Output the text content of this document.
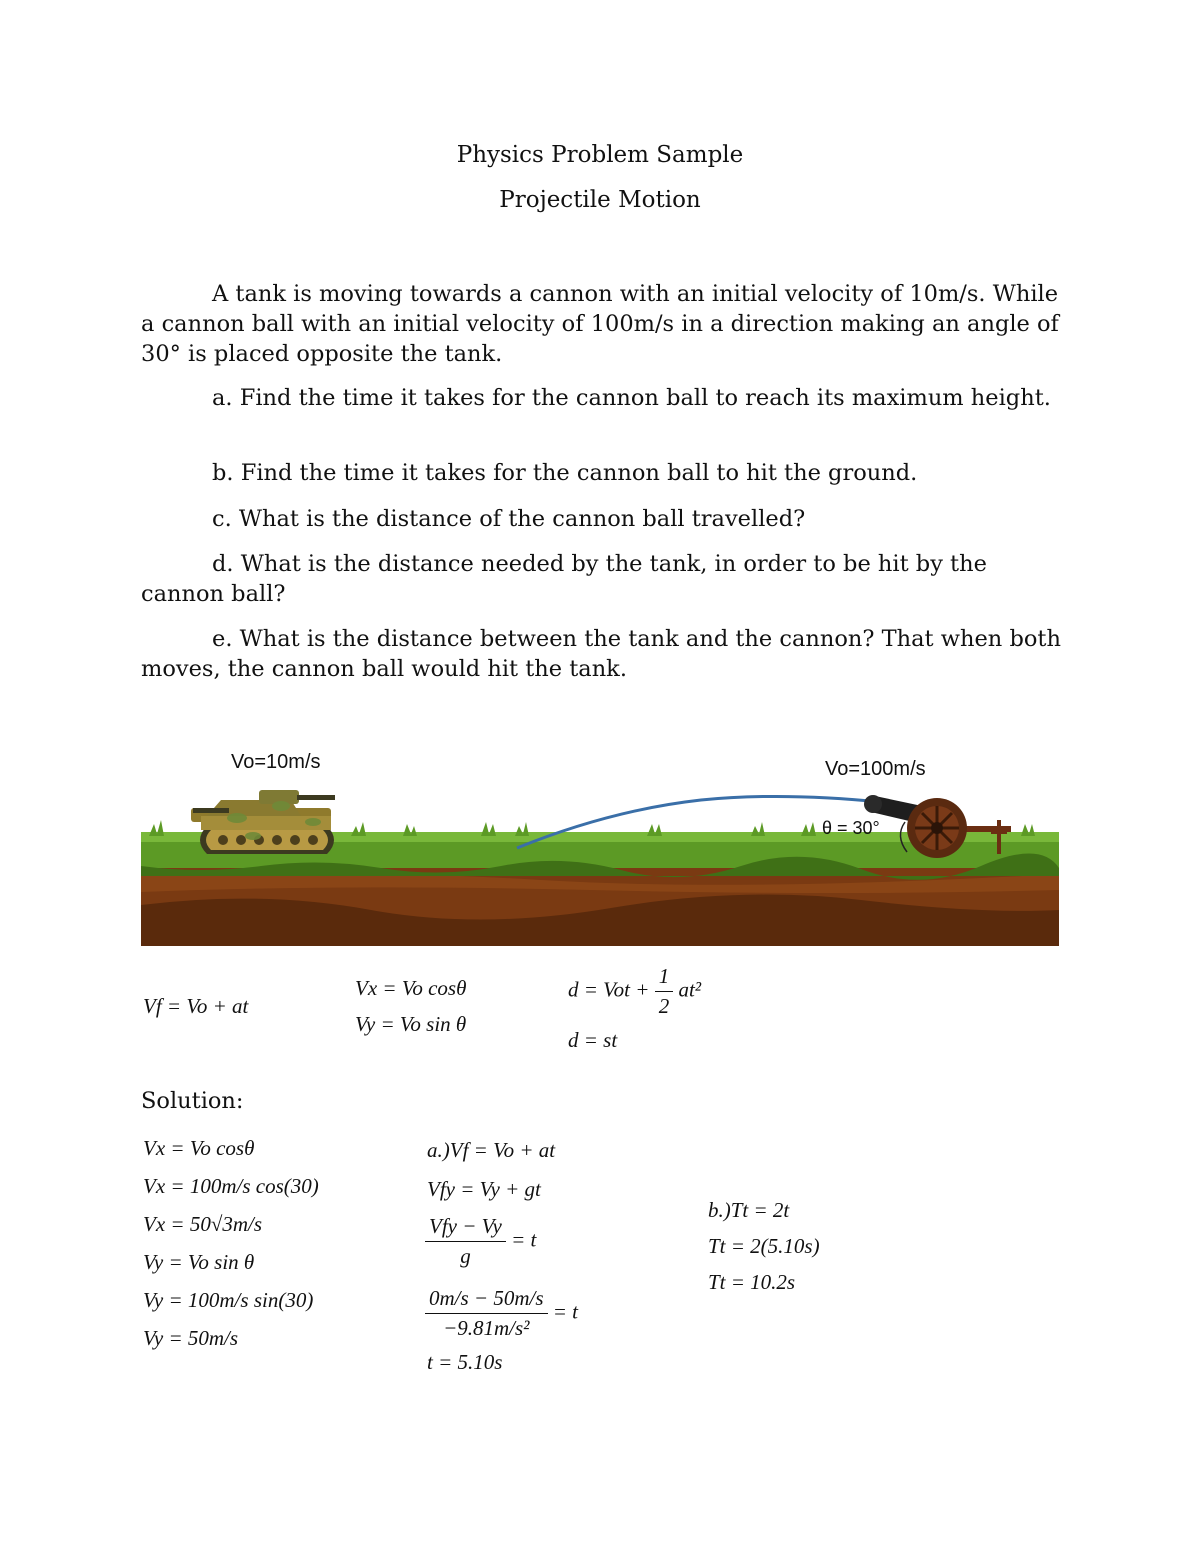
Physics Problem Sample
Projectile Motion
A tank is moving towards a cannon with an initial velocity of 10m/s. While a cannon ball with an initial velocity of 100m/s in a direction making an angle of 30° is placed opposite the tank.
a. Find the time it takes for the cannon ball to reach its maximum height.
b. Find the time it takes for the cannon ball to hit the ground.
c. What is the distance of the cannon ball travelled?
d. What is the distance needed by the tank, in order to be hit by the cannon ball?
e. What is the distance between the tank and the cannon? That when both moves, the cannon ball would hit the tank.
Vo=10m/s	Vo=100m/s
θ = 30°
Vf = Vo + at
Vx = Vo cosθ
Vy = Vo sin θ
d = Vot + $\frac{1}{2} at^2$
d = st
Solution:
Vx = Vo cosθ
Vx = 100m/s cos(30)
Vx = 50√3m/s
Vy = Vo sin θ
Vy = 100m/s sin(30)
Vy = 50m/s
a.)Vf = Vo + at
Vfy = Vy + gt
$\frac{\text{Vfy − Vy}}{g} = t$
$\frac{0m/s - 50m/s}{\text{−9.81m/s²}} = t$
t = 5.10s
b.)Tt = 2t
Tt = 2(5.10s)
Tt = 10.2s
